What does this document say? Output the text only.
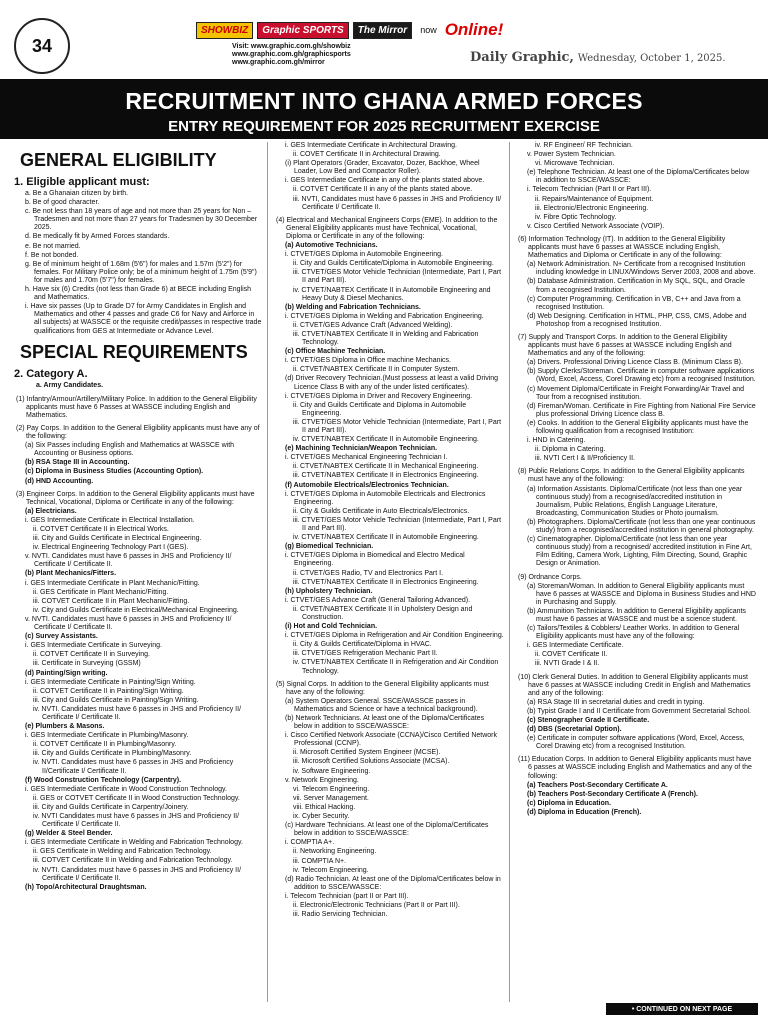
34
SHOWBIZ	Graphic SPORTS	The Mirror	now Online!
Visit: www.graphic.com.gh/showbiz
www.graphic.com.gh/graphicsports
www.graphic.com.gh/mirror	Daily Graphic, Wednesday, October 1, 2025.
RECRUITMENT INTO GHANA ARMED FORCES
ENTRY REQUIREMENT FOR 2025 RECRUITMENT EXERCISE
GENERAL ELIGIBILITY
1. Eligible applicant must:

a. Be a Ghanaian citizen by birth.

b. Be of good character.

c. Be not less than 18 years of age and not more than 25 years for Non – Tradesmen and not more than 27 years for Tradesmen by 30 December 2025.

d. Be medically fit by Armed Forces standards.

e. Be not married.

f. Be not bonded.

g. Be of minimum height of 1.68m (5'6") for males and 1.57m (5'2") for females. For Military Police only; be of a minimum height of 1.75m (5'9") for males and 1.70m (5'7") for females.

h. Have six (6) Credits (not less than Grade 6) at BECE including English and Mathematics.

i. Have six passes (Up to Grade D7 for Army Candidates in English and Mathematics and other 4 passes and grade C6 for Navy and Airforce in all subjects) at WASSCE or the requisite credit/passes in respective trade qualifications from GES at Intermediate or Advance Level.

SPECIAL REQUIREMENTS
2. Category A.

a. Army Candidates.

(1) Infantry/Armour/Artillery/Military Police. In addition to the General Eligibility applicants must have 6 Passes at WASSCE including English and Mathematics.

(2) Pay Corps. In addition to the General Eligibility applicants must have any of the following:

(a) Six Passes including English and Mathematics at WASSCE with Accounting or Business options.

(b) RSA Stage III in Accounting.

(c) Diploma in Business Studies (Accounting Option).

(d) HND Accounting.

(3) Engineer Corps. In addition to the General Eligibility applicants must have Technical, Vocational, Diploma or Certificate in any of the following:

(a) Electricians.

i. GES Intermediate Certificate in Electrical Installation.

ii. COTVET Certificate II in Electrical Works.

iii. City and Guilds Certificate in Electrical Engineering.

iv. Electrical Engineering Technology Part I (GES).

v. NVTI. Candidates must have 6 passes in JHS and Proficiency II/ Certificate I/ Certificate II.

(b) Plant Mechanics/Fitters.

i. GES Intermediate Certificate in Plant Mechanic/Fitting.

ii. GES Certificate in Plant Mechanic/Fitting.

iii. COTVET Certificate II in Plant Mechanic/Fitting.

iv. City and Guilds Certificate in Electrical/Mechanical Engineering.

v. NVTI. Candidates must have 6 passes in JHS and Proficiency II/ Certificate I/ Certificate II.

(c) Survey Assistants.

i. GES Intermediate Certificate in Surveying.

ii. COTVET Certificate II in Surveying.

iii. Certificate in Surveying (GSSM)

(d) Painting/Sign writing.

i. GES Intermediate Certificate in Painting/Sign Writing.

ii. COTVET Certificate II in Painting/Sign Writing.

iii. City and Guilds Certificate in Painting/Sign Writing.

iv. NVTI. Candidates must have 6 passes in JHS and Proficiency II/ Certificate I/ Certificate II.

(e) Plumbers & Masons.

i. GES Intermediate Certificate in Plumbing/Masonry.

ii. COTVET Certificate II in Plumbing/Masonry.

iii. City and Guilds Certificate in Plumbing/Masonry.

iv. NVTI. Candidates must have 6 passes in JHS and Proficiency II/Certificate I/ Certificate II.

(f) Wood Construction Technology (Carpentry).

i. GES Intermediate Certificate in Wood Construction Technology.

ii. GES or COTVET Certificate II in Wood Construction Technology.

iii. City and Guilds Certificate in Carpentry/Joinery.

iv. NVTI Candidates must have 6 passes in JHS and Proficiency II/ Certificate I/ Certificate II.

(g) Welder & Steel Bender.

i. GES Intermediate Certificate in Welding and Fabrication Technology.

ii. GES Certificate in Welding and Fabrication Technology.

iii. COTVET Certificate II in Welding and Fabrication Technology.

iv. NVTI. Candidates must have 6 passes in JHS and Proficiency II/ Certificate I/ Certificate II.

(h) Topo/Architectural Draughtsman.

i. GES Intermediate Certificate in Architectural Drawing.

ii. COVET Certificate II in Architectural Drawing.

(i) Plant Operators (Grader, Excavator, Dozer, Backhoe, Wheel Loader, Low Bed and Compactor Roller).

i. GES Intermediate Certificate in any of the plants stated above.

ii. COTVET Certificate II in any of the plants stated above.

iii. NVTI, Candidates must have 6 passes in JHS and Proficiency II/ Certificate I/ Certificate II.

(4) Electrical and Mechanical Engineers Corps (EME). In addition to the General Eligibility applicants must have Technical, Vocational, Diploma or Certificate in any of the following:

(a) Automotive Technicians.

i. CTVET/GES Diploma in Automobile Engineering.

ii. City and Guilds Certificate/Diploma in Automobile Engineering.

iii. CTVET/GES Motor Vehicle Technician (Intermediate, Part I, Part II and Part III).

iv. CTVET/NABTEX Certificate II in Automobile Engineering and Heavy Duty & Diesel Mechanics.

(b) Welding and Fabrication Technicians.

i. CTVET/GES Diploma in Welding and Fabrication Engineering.

ii. CTVET/GES Advance Craft (Advanced Welding).

iii. CTVET/NABTEX Certificate II in Welding and Fabrication Technology.

(c) Office Machine Technician.

i. CTVET/GES Diploma in Office machine Mechanics.

ii. CTVET/NABTEX Certificate II in Computer System.

(d) Driver Recovery Technician.(Must possess at least a valid Driving Licence Class B with any of the under listed certificates).

i. CTVET/GES Diploma in Driver and Recovery Engineering.

ii. City and Guilds Certificate and Diploma in Automobile Engineering.

iii. CTVET/GES Motor Vehicle Technician (Intermediate, Part I, Part II and Part III).

iv. CTVET/NABTEX Certificate II in Automobile Engineering.

(e) Machining Technician/Weapon Technician.

i. CTVET/GES Mechanical Engineering Technician I.

ii. CTVET/NABTEX Certificate II in Mechanical Engineering.

iii. CTVET/NABTEX Certificate II in Electronics Engineering.

(f) Automobile Electricals/Electronics Technician.

i. CTVET/GES Diploma in Automobile Electricals and Electronics Engineering.

ii. City & Guilds Certificate in Auto Electricals/Electronics.

iii. CTVET/GES Motor Vehicle Technician (Intermediate, Part I, Part II and Part III).

iv. CTVET/NABTEX Certificate II in Automobile Engineering.

(g) Biomedical Technician.

i. CTVET/GES Diploma in Biomedical and Electro Medical Engineering.

ii. CTVET/GES Radio, TV and Electronics Part I.

iii. CTVET/NABTEX Certificate II in Electronics Engineering.

(h) Upholstery Technician.

i. CTVET/GES Advance Craft (General Tailoring Advanced).

ii. CTVET/NABTEX Certificate II in Upholstery Design and Construction.

(i) Hot and Cold Technician.

i. CTVET/GES Diploma in Refrigeration and Air Condition Engineering.

ii. City & Guilds Certificate/Diploma in HVAC.

iii. CTVET/GES Refrigeration Mechanic Part II.

iv. CTVET/NABTEX Certificate II in Refrigeration and Air Condition Technology.

(5) Signal Corps. In addition to the General Eligibility applicants must have any of the following:

(a) System Operators General. SSCE/WASSCE passes in Mathematics and Science or have a technical background).

(b) Network Technicians. At least one of the Diploma/Certificates below in addition to SSCE/WASSCE:

i. Cisco Certified Network Associate (CCNA)/Cisco Certified Network Professional (CCNP).

ii. Microsoft Certified System Engineer (MCSE).

iii. Microsoft Certified Solutions Associate (MCSA).

iv. Software Engineering.

v. Network Engineering.

vi. Telecom Engineering.

vii. Server Management.

viii. Ethical Hacking.

ix. Cyber Security.

(c) Hardware Technicians. At least one of the Diploma/Certificates below in addition to SSCE/WASSCE:

i. COMPTIA A+.

ii. Networking Engineering.

iii. COMPTIA N+.

iv. Telecom Engineering.

(d) Radio Technician. At least one of the Diploma/Certificates below in addition to SSCE/WASSCE:

i. Telecom Technician (part II or Part III).

ii. Electronic/Electronic Technicians (Part II or Part III).

iii. Radio Servicing Technician.

iv. RF Engineer/ RF Technician.

v. Power System Technician.

vi. Microwave Technician.

(e) Telephone Technician. At least one of the Diploma/Certificates below in addition to SSCE/WASSCE:

i. Telecom Technician (Part II or Part III).

ii. Repairs/Maintenance of Equipment.

iii. Electronic/Electronic Engineering.

iv. Fibre Optic Technology.

v. Cisco Certified Network Associate (VOIP).

(6) Information Technology (IT). In addition to the General Eligibility applicants must have 6 passes at WASSCE including English, Mathematics and Diploma or Certificate in any of the following:

(a) Network Administration. N+ Certificate from a recognised Institution including knowledge in LINUX/Windows Server 2003, 2008 and above.

(b) Database Administration. Certification in My SQL, SQL, and Oracle from a recognised Institution.

(c) Computer Programming. Certification in VB, C++ and Java from a recognised Institution.

(d) Web Designing. Certification in HTML, PHP, CSS, CMS, Adobe and Photoshop from a recognised Institution.

(7) Supply and Transport Corps. In addition to the General Eligibility applicants must have 6 passes at WASSCE including English and Mathematics and any of the following:

(a) Drivers. Professional Driving Licence Class B. (Minimum Class B).

(b) Supply Clerks/Storeman. Certificate in computer software applications (Word, Excel, Access, Corel Drawing etc) from a recognised Institution.

(c) Movement Diploma/Certificate in Freight Forwarding/Air Travel and Tour from a recognised institution.

(d) Fireman/Woman. Certificate in Fire Fighting from National Fire Service plus professional Driving Licence class B.

(e) Cooks. In addition to the General Eligibility applicants must have the following qualification from a recognised Institution:

i. HND in Catering.

ii. Diploma in Catering.

iii. NVTI Cert I & II/Proficiency II.

(8) Public Relations Corps. In addition to the General Eligibility applicants must have any of the following:

(a) Information Assistants. Diploma/Certificate (not less than one year continuous study) from a recognised/accredited institution in Journalism, Public Relations, English Language Literature, Broadcasting, Communication Studies or Photo journalism.

(b) Photographers. Diploma/Certificate (not less than one year continuous study) from a recognised/accredited institution in general photography.

(c) Cinematographer. Diploma/Certificate (not less than one year continuous study) from a recognised/ accredited institution in Fine Art, Film Editing, Camera Work, Lighting, Film Directing, Sound, Graphic Design or Animation.

(9) Ordnance Corps.

(a) Storeman/Woman. In addition to General Eligibility applicants must have 6 passes at WASSCE and Diploma in Business Studies and HND in Purchasing and Supply.

(b) Ammunition Technicians. In addition to General Eligibility applicants must have 6 passes at WASSCE and must be a science student.

(c) Tailors/Textiles & Cobblers/ Leather Works. In addition to General Eligibility applicants must have any of the following:

i. GES Intermediate Certificate.

ii. COVET Certificate II.

iii. NVTI Grade I & II.

(10) Clerk General Duties. In addition to General Eligibility applicants must have 6 passes at WASSCE including Credit in English and Mathematics and any of the following:

(a) RSA Stage III in secretarial duties and credit in typing.

(b) Typist Grade I and II Certificate from Government Secretarial School.

(c) Stenographer Grade II Certificate.

(d) DBS (Secretarial Option).

(e) Certificate in computer software applications (Word, Excel, Access, Corel Drawing etc) from a recognised Institution.

(11) Education Corps. In addition to General Eligibility applicants must have 6 passes at WASSCE including English and Mathematics and any of the following:

(a) Teachers Post-Secondary Certificate A.

(b) Teachers Post-Secondary Certificate A (French).

(c) Diploma in Education.

(d) Diploma in Education (French).

• CONTINUED ON NEXT PAGE
